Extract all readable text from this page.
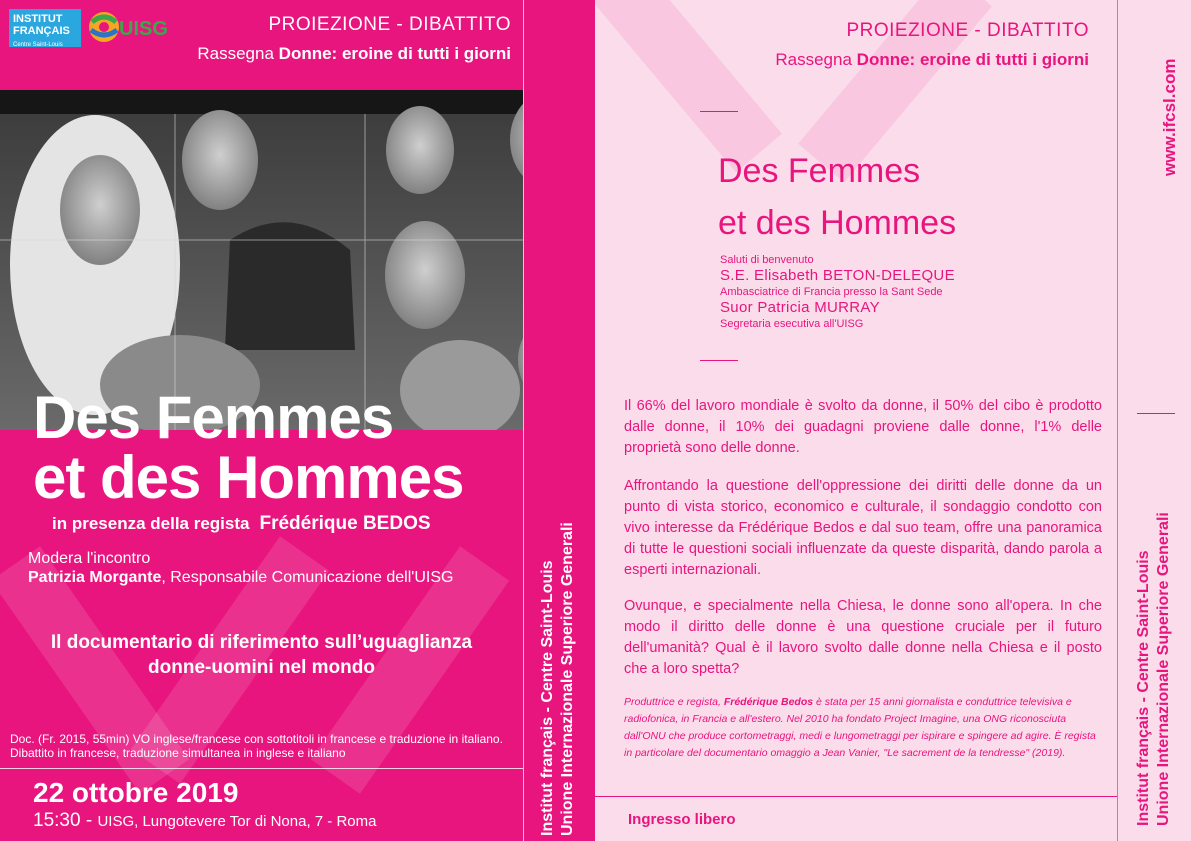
INSTITUT
FRANÇAIS
Centre Saint-Louis
UISG	PROIEZIONE - DIBATTITO
Rassegna Donne: eroine di tutti i giorni
Des Femmes
et des Hommes
in presenza della regista Frédérique BEDOS
Modera l'incontro
Patrizia Morgante, Responsabile Comunicazione dell'UISG
Il documentario di riferimento sull’uguaglianza
donne-uomini nel mondo
Doc. (Fr. 2015, 55min) VO inglese/francese con sottotitoli in francese e traduzione in italiano. Dibattito in francese, traduzione simultanea in inglese e italiano
22 ottobre 2019
15:30 - UISG, Lungotevere Tor di Nona, 7 - Roma	Institut français - Centre Saint-Louis Unione Internazionale Superiore Generali
PROIEZIONE - DIBATTITO
Rassegna Donne: eroine di tutti i giorni
Des Femmes
et des Hommes
Saluti di benvenuto
S.E. Elisabeth BETON-DELEQUE
Ambasciatrice di Francia presso la Sant Sede
Suor Patricia MURRAY
Segretaria esecutiva all'UISG

Il 66% del lavoro mondiale è svolto da donne, il 50% del cibo è prodotto dalle donne, il 10% dei guadagni proviene dalle donne, l'1% delle proprietà sono delle donne.

Affrontando la questione dell'oppressione dei diritti delle donne da un punto di vista storico, economico e culturale, il sondaggio condotto con vivo interesse da Frédérique Bedos e dal suo team, offre una panoramica di tutte le questioni sociali influenzate da queste disparità, dando parola a esperti internazionali.

Ovunque, e specialmente nella Chiesa, le donne sono all'opera. In che modo il diritto delle donne è una questione cruciale per il futuro dell'umanità? Qual è il lavoro svolto dalle donne nella Chiesa e il posto che a loro spetta?

Produttrice e regista, Frédérique Bedos è stata per 15 anni giornalista e conduttrice televisiva e radiofonica, in Francia e all'estero. Nel 2010 ha fondato Project Imagine, una ONG riconosciuta dall'ONU che produce cortometraggi, medi e lungometraggi per ispirare e spingere ad agire. È regista in particolare del documentario omaggio a Jean Vanier, "Le sacrement de la tendresse" (2019).

Ingresso libero	Institut français - Centre Saint-Louis Unione Internazionale Superiore Generali
www.ifcsl.com
